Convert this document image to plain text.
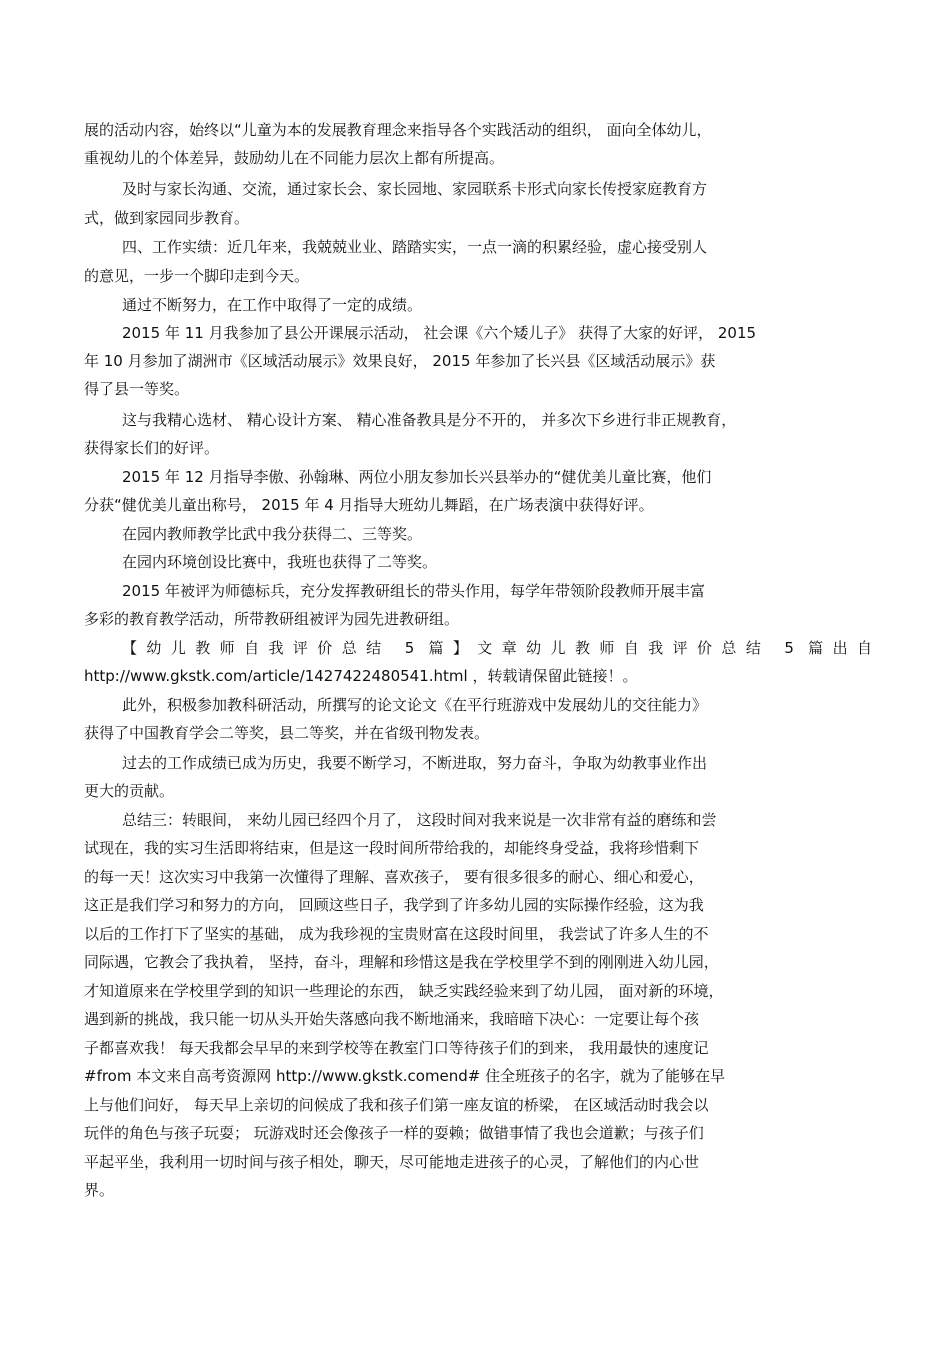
展的活动内容，始终以“儿童为本的发展教育理念来指导各个实践活动的组织， 面向全体幼儿，
重视幼儿的个体差异，鼓励幼儿在不同能力层次上都有所提高。
及时与家长沟通、交流，通过家长会、家长园地、家园联系卡形式向家长传授家庭教育方
式，做到家园同步教育。
四、工作实绩：近几年来，我兢兢业业、踏踏实实，一点一滴的积累经验，虚心接受别人
的意见，一步一个脚印走到今天。
通过不断努力，在工作中取得了一定的成绩。
2015 年 11 月我参加了县公开课展示活动， 社会课《六个矮儿子》 获得了大家的好评， 2015
年 10 月参加了湖洲市《区域活动展示》效果良好， 2015 年参加了长兴县《区域活动展示》获
得了县一等奖。
这与我精心选材、 精心设计方案、 精心准备教具是分不开的， 并多次下乡进行非正规教育，
获得家长们的好评。
2015 年 12 月指导李傲、孙翰琳、两位小朋友参加长兴县举办的“健优美儿童比赛，他们
分获“健优美儿童出称号， 2015 年 4 月指导大班幼儿舞蹈，在广场表演中获得好评。
在园内教师教学比武中我分获得二、三等奖。
在园内环境创设比赛中，我班也获得了二等奖。
2015 年被评为师德标兵，充分发挥教研组长的带头作用，每学年带领阶段教师开展丰富
多彩的教育教学活动，所带教研组被评为园先进教研组。
【幼儿教师自我评价总结 5 篇】文章幼儿教师自我评价总结 5 篇出自
http://www.gkstk.com/article/1427422480541.html ，转载请保留此链接！。
此外，积极参加教科研活动，所撰写的论文论文《在平行班游戏中发展幼儿的交往能力》
获得了中国教育学会二等奖，县二等奖，并在省级刊物发表。
过去的工作成绩已成为历史，我要不断学习，不断进取，努力奋斗，争取为幼教事业作出
更大的贡献。
总结三：转眼间， 来幼儿园已经四个月了， 这段时间对我来说是一次非常有益的磨练和尝
试现在，我的实习生活即将结束，但是这一段时间所带给我的，却能终身受益，我将珍惜剩下
的每一天！这次实习中我第一次懂得了理解、喜欢孩子， 要有很多很多的耐心、细心和爱心，
这正是我们学习和努力的方向， 回顾这些日子，我学到了许多幼儿园的实际操作经验，这为我
以后的工作打下了坚实的基础， 成为我珍视的宝贵财富在这段时间里， 我尝试了许多人生的不
同际遇，它教会了我执着， 坚持，奋斗，理解和珍惜这是我在学校里学不到的刚刚进入幼儿园，
才知道原来在学校里学到的知识一些理论的东西， 缺乏实践经验来到了幼儿园， 面对新的环境，
遇到新的挑战，我只能一切从头开始失落感向我不断地涌来，我暗暗下决心：一定要让每个孩
子都喜欢我！ 每天我都会早早的来到学校等在教室门口等待孩子们的到来， 我用最快的速度记
#from 本文来自高考资源网 http://www.gkstk.comend# 住全班孩子的名字，就为了能够在早
上与他们问好， 每天早上亲切的问候成了我和孩子们第一座友谊的桥梁， 在区域活动时我会以
玩伴的角色与孩子玩耍； 玩游戏时还会像孩子一样的耍赖；做错事情了我也会道歉；与孩子们
平起平坐，我利用一切时间与孩子相处，聊天，尽可能地走进孩子的心灵，了解他们的内心世
界。
